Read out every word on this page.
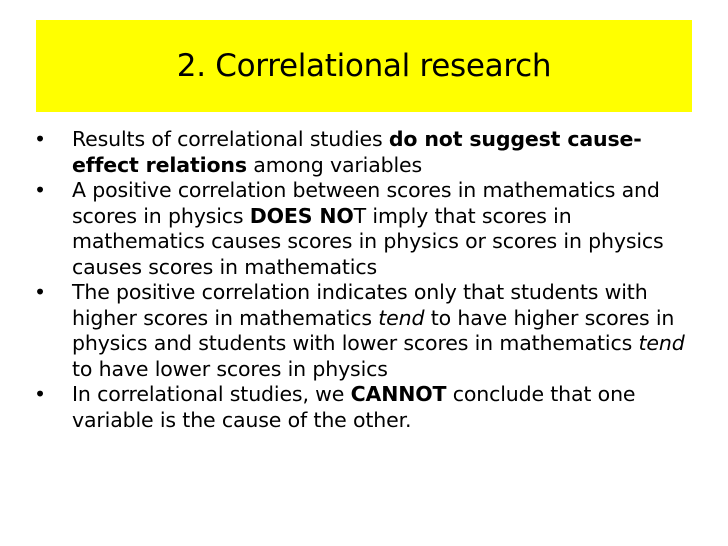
2. Correlational research
•	Results of correlational studies do not suggest cause-effect relations among variables
•	A positive correlation between scores in mathematics and scores in physics DOES NOT imply that scores in mathematics causes scores in physics or scores in physics causes scores in mathematics
•	The positive correlation indicates only that students with higher scores in mathematics tend to have higher scores in physics and students with lower scores in mathematics tend to have lower scores in physics
•	In correlational studies, we CANNOT conclude that one variable is the cause of the other.
